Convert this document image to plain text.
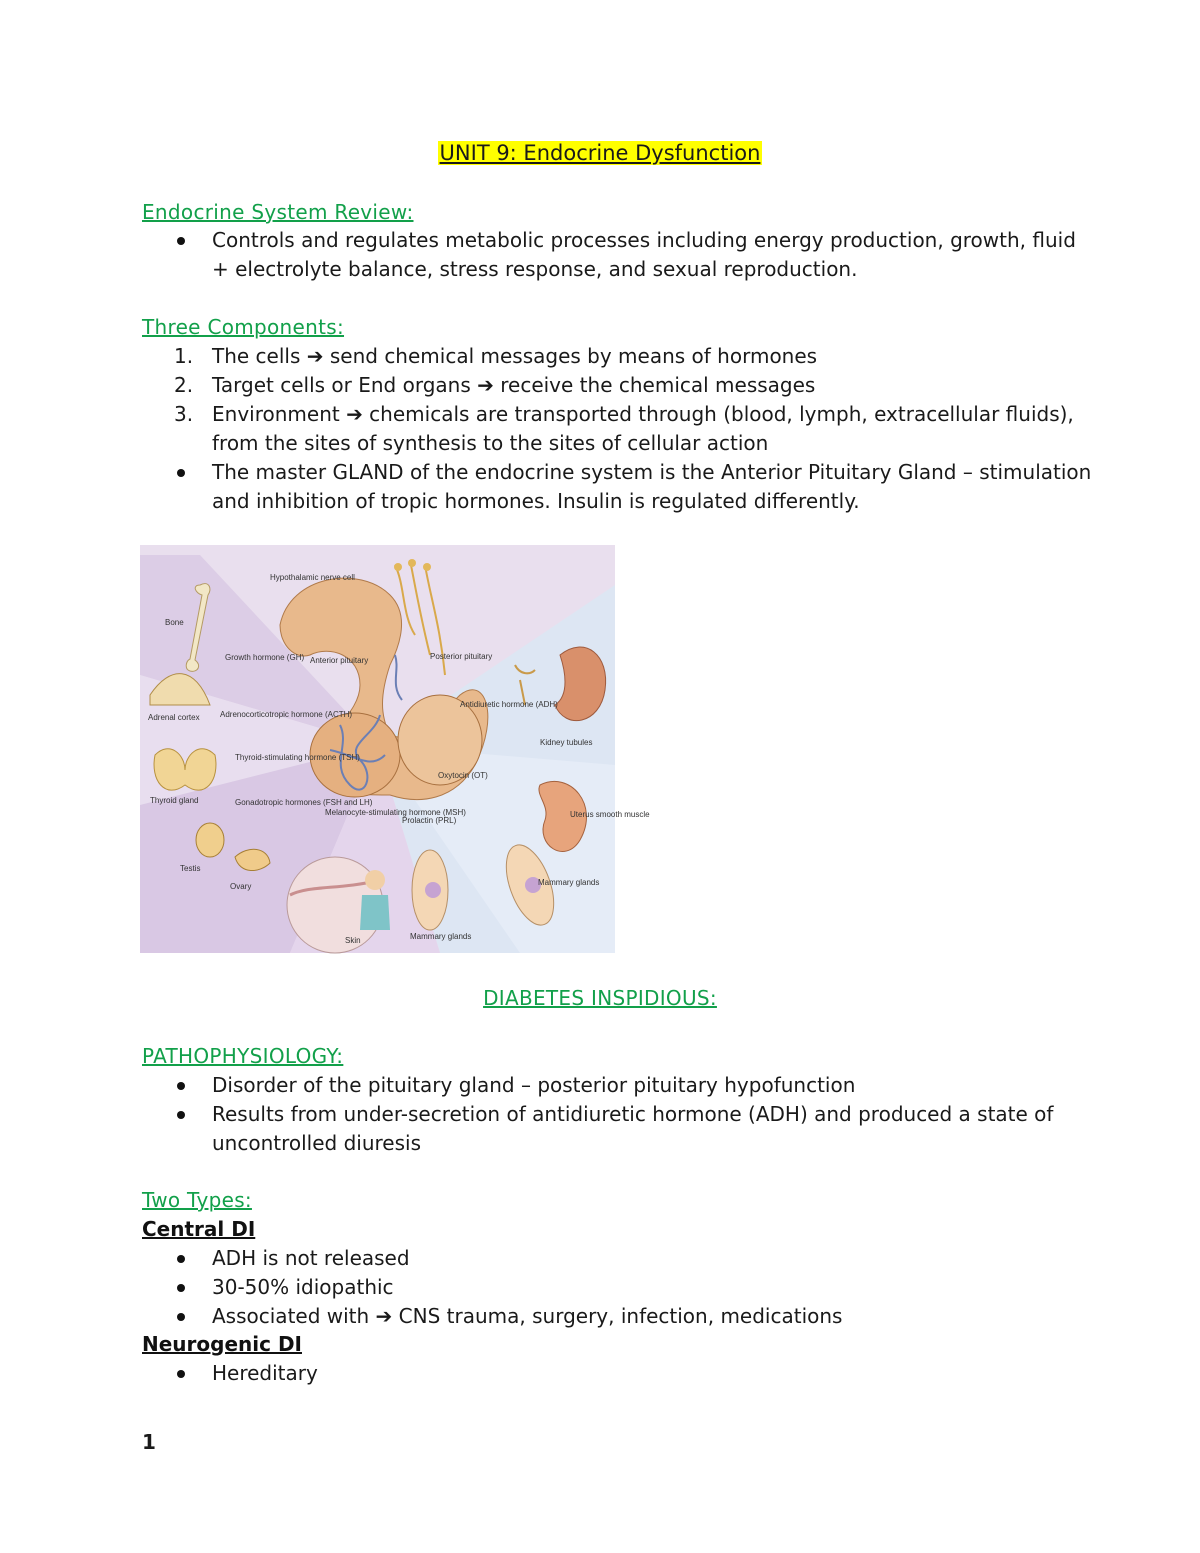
UNIT 9: Endocrine Dysfunction
Endocrine System Review:
Controls and regulates metabolic processes including energy production, growth, fluid + electrolyte balance, stress response, and sexual reproduction.
Three Components:
1. The cells ➔ send chemical messages by means of hormones
2. Target cells or End organs ➔ receive the chemical messages
3. Environment ➔ chemicals are transported through (blood, lymph, extracellular fluids), from the sites of synthesis to the sites of cellular action
The master GLAND of the endocrine system is the Anterior Pituitary Gland – stimulation and inhibition of tropic hormones. Insulin is regulated differently.
Hypothalamic nerve cell
Bone
Growth hormone (GH) Anterior pituitary	Posterior pituitary
Adrenal cortex	Adrenocorticotropic hormone (ACTH)
Antidiuretic hormone (ADH)
Kidney tubules
Thyroid-stimulating hormone (TSH)
Oxytocin (OT)
Thyroid gland	Gonadotropic hormones (FSH and LH)
Melanocyte-stimulating hormone (MSH)
Prolactin (PRL)
Uterus smooth muscle
Testis
Ovary	Mammary glands
Skin	Mammary glands
DIABETES INSPIDIOUS:
PATHOPHYSIOLOGY:
Disorder of the pituitary gland – posterior pituitary hypofunction
Results from under-secretion of antidiuretic hormone (ADH) and produced a state of uncontrolled diuresis
Two Types:
Central DI
ADH is not released
30-50% idiopathic
Associated with ➔ CNS trauma, surgery, infection, medications
Neurogenic DI
Hereditary
1
